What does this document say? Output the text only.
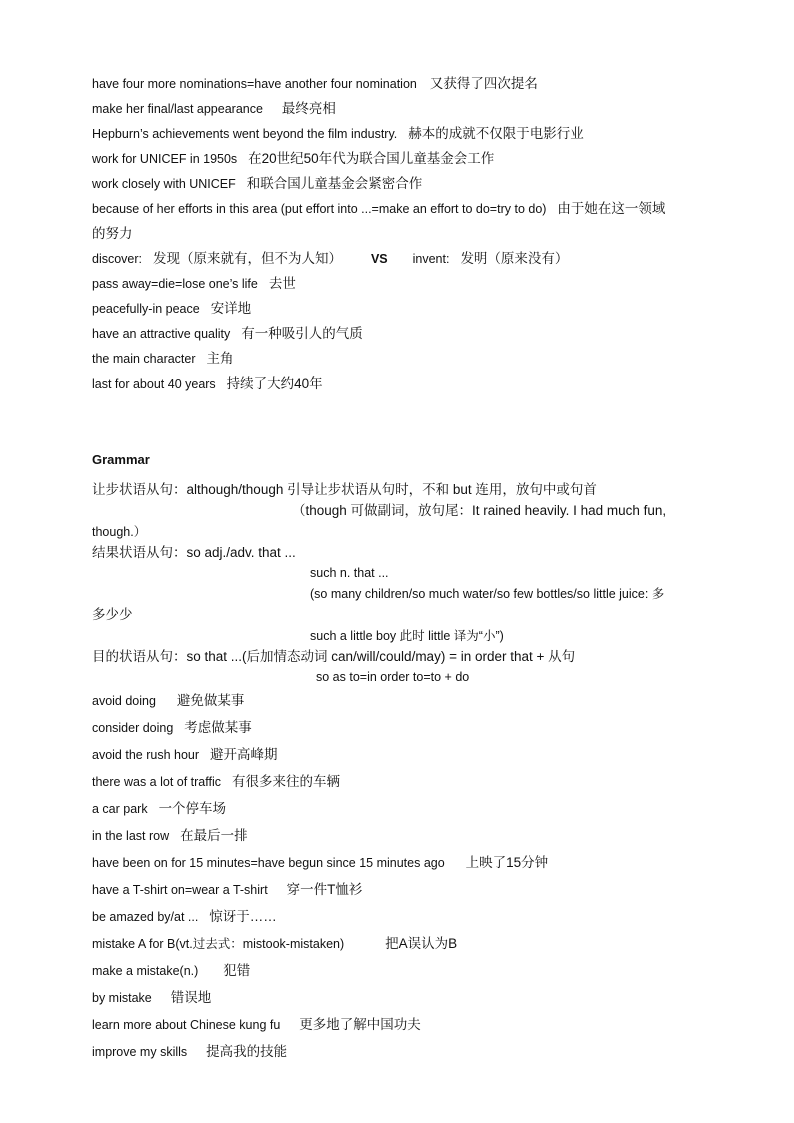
have four more nominations=have another four nomination 又获得了四次提名
make her final/last appearance 最终亮相
Hepburn’s achievements went beyond the film industry. 赫本的成就不仅限于电影行业
work for UNICEF in 1950s 在20世纪50年代为联合国儿童基金会工作
work closely with UNICEF 和联合国儿童基金会紧密合作
because of her efforts in this area (put effort into ...=make an effort to do=try to do) 由于她在这一领域
的努力
discover: 发现（原来就有，但不为人知） VS invent: 发明（原来没有）
pass away=die=lose one’s life 去世
peacefully-in peace 安详地
have an attractive quality 有一种吸引人的气质
the main character 主角
last for about 40 years 持续了大约40年
Grammar
让步状语从句：although/though 引导让步状语从句时，不和 but 连用，放句中或句首
（though 可做副词，放句尾：It rained heavily. I had much fun,
though.）
结果状语从句：so adj./adv. that ...
such n. that ...
(so many children/so much water/so few bottles/so little juice: 多
多少少
such a little boy 此时 little 译为“小”)
目的状语从句：so that ...(后加情态动词 can/will/could/may) = in order that + 从句
so as to=in order to=to + do
avoid doing 避免做某事
consider doing 考虑做某事
avoid the rush hour 避开高峰期
there was a lot of traffic 有很多来往的车辆
a car park 一个停车场
in the last row 在最后一排
have been on for 15 minutes=have begun since 15 minutes ago 上映了15分钟
have a T-shirt on=wear a T-shirt 穿一件T恤衫
be amazed by/at ... 惊讶于……
mistake A for B(vt.过去式：mistook-mistaken)	把A误认为B
make a mistake(n.) 犯错
by mistake 错误地
learn more about Chinese kung fu 更多地了解中国功夫
improve my skills 提高我的技能
